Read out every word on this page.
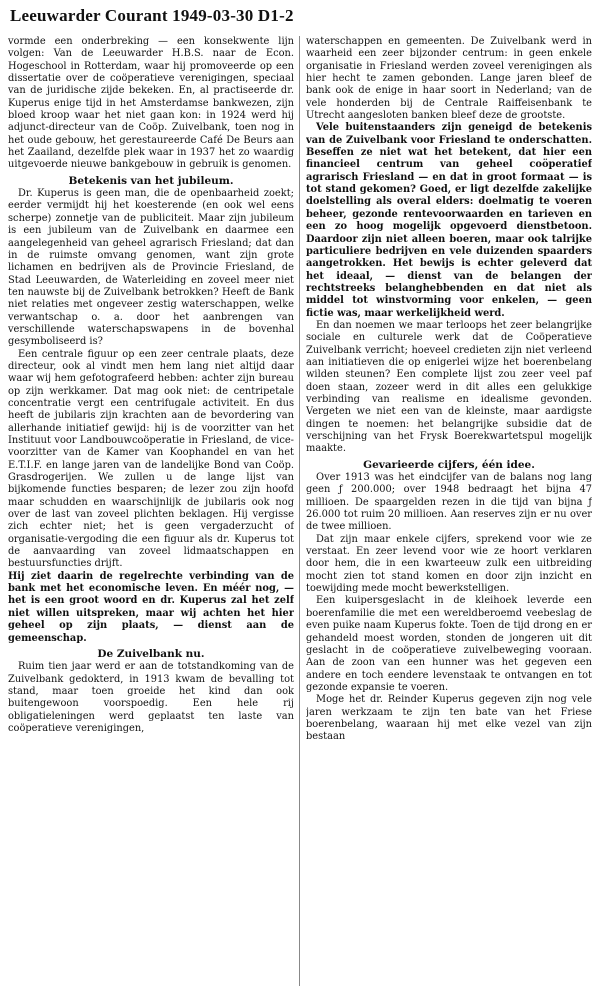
Leeuwarder Courant 1949-03-30 D1-2

vormde een onderbreking — een konsekwente lijn volgen: Van de Leeuwarder H.B.S. naar de Econ. Hogeschool in Rotterdam, waar hij promoveerde op een dissertatie over de coöperatieve verenigingen, speciaal van de juridische zijde bekeken. En, al practiseerde dr. Kuperus enige tijd in het Amsterdamse bankwezen, zijn bloed kroop waar het niet gaan kon: in 1924 werd hij adjunct-directeur van de Coöp. Zuivelbank, toen nog in het oude gebouw, het gerestaureerde Café De Beurs aan het Zaailand, dezelfde plek waar in 1937 het zo waardig uitgevoerde nieuwe bankgebouw in gebruik is genomen.

Betekenis van het jubileum.

Dr. Kuperus is geen man, die de openbaarheid zoekt; eerder vermijdt hij het koesterende (en ook wel eens scherpe) zonnetje van de publiciteit. Maar zijn jubileum is een jubileum van de Zuivelbank en daarmee een aangelegenheid van geheel agrarisch Friesland; dat dan in de ruimste omvang genomen, want zijn grote lichamen en bedrijven als de Provincie Friesland, de Stad Leeuwarden, de Waterleiding en zoveel meer niet ten nauwste bij de Zuivelbank betrokken? Heeft de Bank niet relaties met ongeveer zestig waterschappen, welke verwantschap o. a. door het aanbrengen van verschillende waterschapswapens in de bovenhal gesymboliseerd is?

Een centrale figuur op een zeer centrale plaats, deze directeur, ook al vindt men hem lang niet altijd daar waar wij hem gefotografeerd hebben: achter zijn bureau op zijn werkkamer. Dat mag ook niet: de centripetale concentratie vergt een centrifugale activiteit. En dus heeft de jubilaris zijn krachten aan de bevordering van allerhande initiatief gewijd: hij is de voorzitter van het Instituut voor Landbouwcoöperatie in Friesland, de vice-voorzitter van de Kamer van Koophandel en van het E.T.I.F. en lange jaren van de landelijke Bond van Coöp. Grasdrogerijen. We zullen u de lange lijst van bijkomende functies besparen; de lezer zou zijn hoofd maar schudden en waarschijnlijk de jubilaris ook nog over de last van zoveel plichten beklagen. Hij vergisse zich echter niet; het is geen vergaderzucht of organisatie-vergoding die een figuur als dr. Kuperus tot de aanvaarding van zoveel lidmaatschappen en bestuursfuncties drijft.

Hij ziet daarin de regelrechte verbinding van de bank met het economische leven. En méér nog, — het is een groot woord en dr. Kuperus zal het zelf niet willen uitspreken, maar wij achten het hier geheel op zijn plaats, — dienst aan de gemeenschap.

De Zuivelbank nu.

Ruim tien jaar werd er aan de totstandkoming van de Zuivelbank gedokterd, in 1913 kwam de bevalling tot stand, maar toen groeide het kind dan ook buitengewoon voorspoedig. Een hele rij obligatieleningen werd geplaatst ten laste van coöperatieve verenigingen,

waterschappen en gemeenten. De Zuivelbank werd in waarheid een zeer bijzonder centrum: in geen enkele organisatie in Friesland werden zoveel verenigingen als hier hecht te zamen gebonden. Lange jaren bleef de bank ook de enige in haar soort in Nederland; van de vele honderden bij de Centrale Raiffeisenbank te Utrecht aangesloten banken bleef deze de grootste.

Vele buitenstaanders zijn geneigd de betekenis van de Zuivelbank voor Friesland te onderschatten. Beseffen ze niet wat het betekent, dat hier een financieel centrum van geheel coöperatief agrarisch Friesland — en dat in groot formaat — is tot stand gekomen? Goed, er ligt dezelfde zakelijke doelstelling als overal elders: doelmatig te voeren beheer, gezonde rentevoorwaarden en tarieven en een zo hoog mogelijk opgevoerd dienstbetoon. Daardoor zijn niet alleen boeren, maar ook talrijke particuliere bedrijven en vele duizenden spaarders aangetrokken. Het bewijs is echter geleverd dat het ideaal, — dienst van de belangen der rechtstreeks belanghebbenden en dat niet als middel tot winstvorming voor enkelen, — geen fictie was, maar werkelijkheid werd.

En dan noemen we maar terloops het zeer belangrijke sociale en culturele werk dat de Coöperatieve Zuivelbank verricht; hoeveel credieten zijn niet verleend aan initiatieven die op enigerlei wijze het boerenbelang wilden steunen? Een complete lijst zou zeer veel paf doen staan, zozeer werd in dit alles een gelukkige verbinding van realisme en idealisme gevonden. Vergeten we niet een van de kleinste, maar aardigste dingen te noemen: het belangrijke subsidie dat de verschijning van het Frysk Boerekwartetspul mogelijk maakte.

Gevarieerde cijfers, één idee.

Over 1913 was het eindcijfer van de balans nog lang geen ƒ 200.000; over 1948 bedraagt het bijna 47 millioen. De spaargelden rezen in die tijd van bijna ƒ 26.000 tot ruim 20 millioen. Aan reserves zijn er nu over de twee millioen.

Dat zijn maar enkele cijfers, sprekend voor wie ze verstaat. En zeer levend voor wie ze hoort verklaren door hem, die in een kwarteeuw zulk een uitbreiding mocht zien tot stand komen en door zijn inzicht en toewijding mede mocht bewerkstelligen.

Een kuipersgeslacht in de kleihoek leverde een boerenfamilie die met een wereldberoemd veebeslag de even puike naam Kuperus fokte. Toen de tijd drong en er gehandeld moest worden, stonden de jongeren uit dit geslacht in de coöperatieve zuivelbeweging vooraan. Aan de zoon van een hunner was het gegeven een andere en toch eendere levenstaak te ontvangen en tot gezonde expansie te voeren.

Moge het dr. Reinder Kuperus gegeven zijn nog vele jaren werkzaam te zijn ten bate van het Friese boerenbelang, waaraan hij met elke vezel van zijn bestaan
